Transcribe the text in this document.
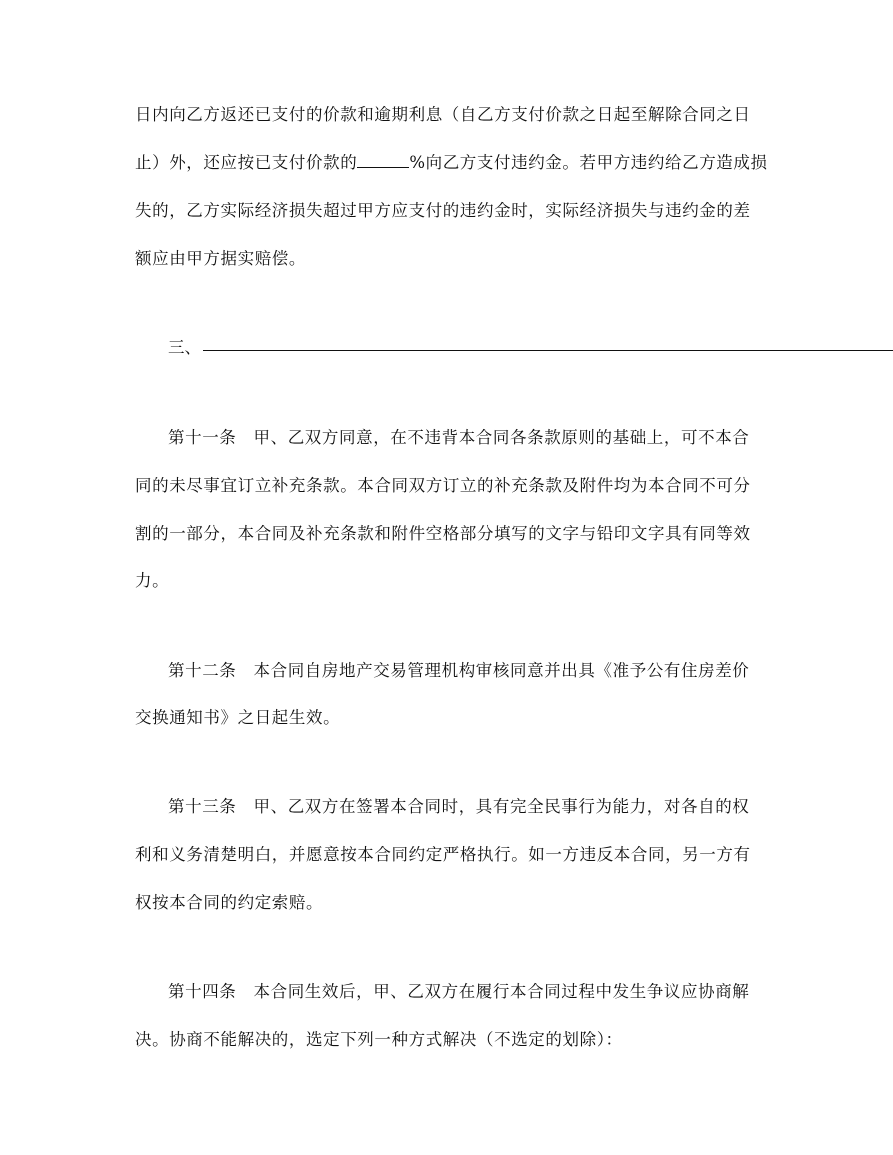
日内向乙方返还已支付的价款和逾期利息（自乙方支付价款之日起至解除合同之日
止）外，还应按已支付价款的	%向乙方支付违约金。若甲方违约给乙方造成损
失的，乙方实际经济损失超过甲方应支付的违约金时，实际经济损失与违约金的差
额应由甲方据实赔偿。
三、
第十一条　甲、乙双方同意，在不违背本合同各条款原则的基础上，可不本合
同的未尽事宜订立补充条款。本合同双方订立的补充条款及附件均为本合同不可分
割的一部分，本合同及补充条款和附件空格部分填写的文字与铅印文字具有同等效
力。
第十二条　本合同自房地产交易管理机构审核同意并出具《准予公有住房差价
交换通知书》之日起生效。
第十三条　甲、乙双方在签署本合同时，具有完全民事行为能力，对各自的权
利和义务清楚明白，并愿意按本合同约定严格执行。如一方违反本合同，另一方有
权按本合同的约定索赔。
第十四条　本合同生效后，甲、乙双方在履行本合同过程中发生争议应协商解
决。协商不能解决的，选定下列一种方式解决（不选定的划除）：
